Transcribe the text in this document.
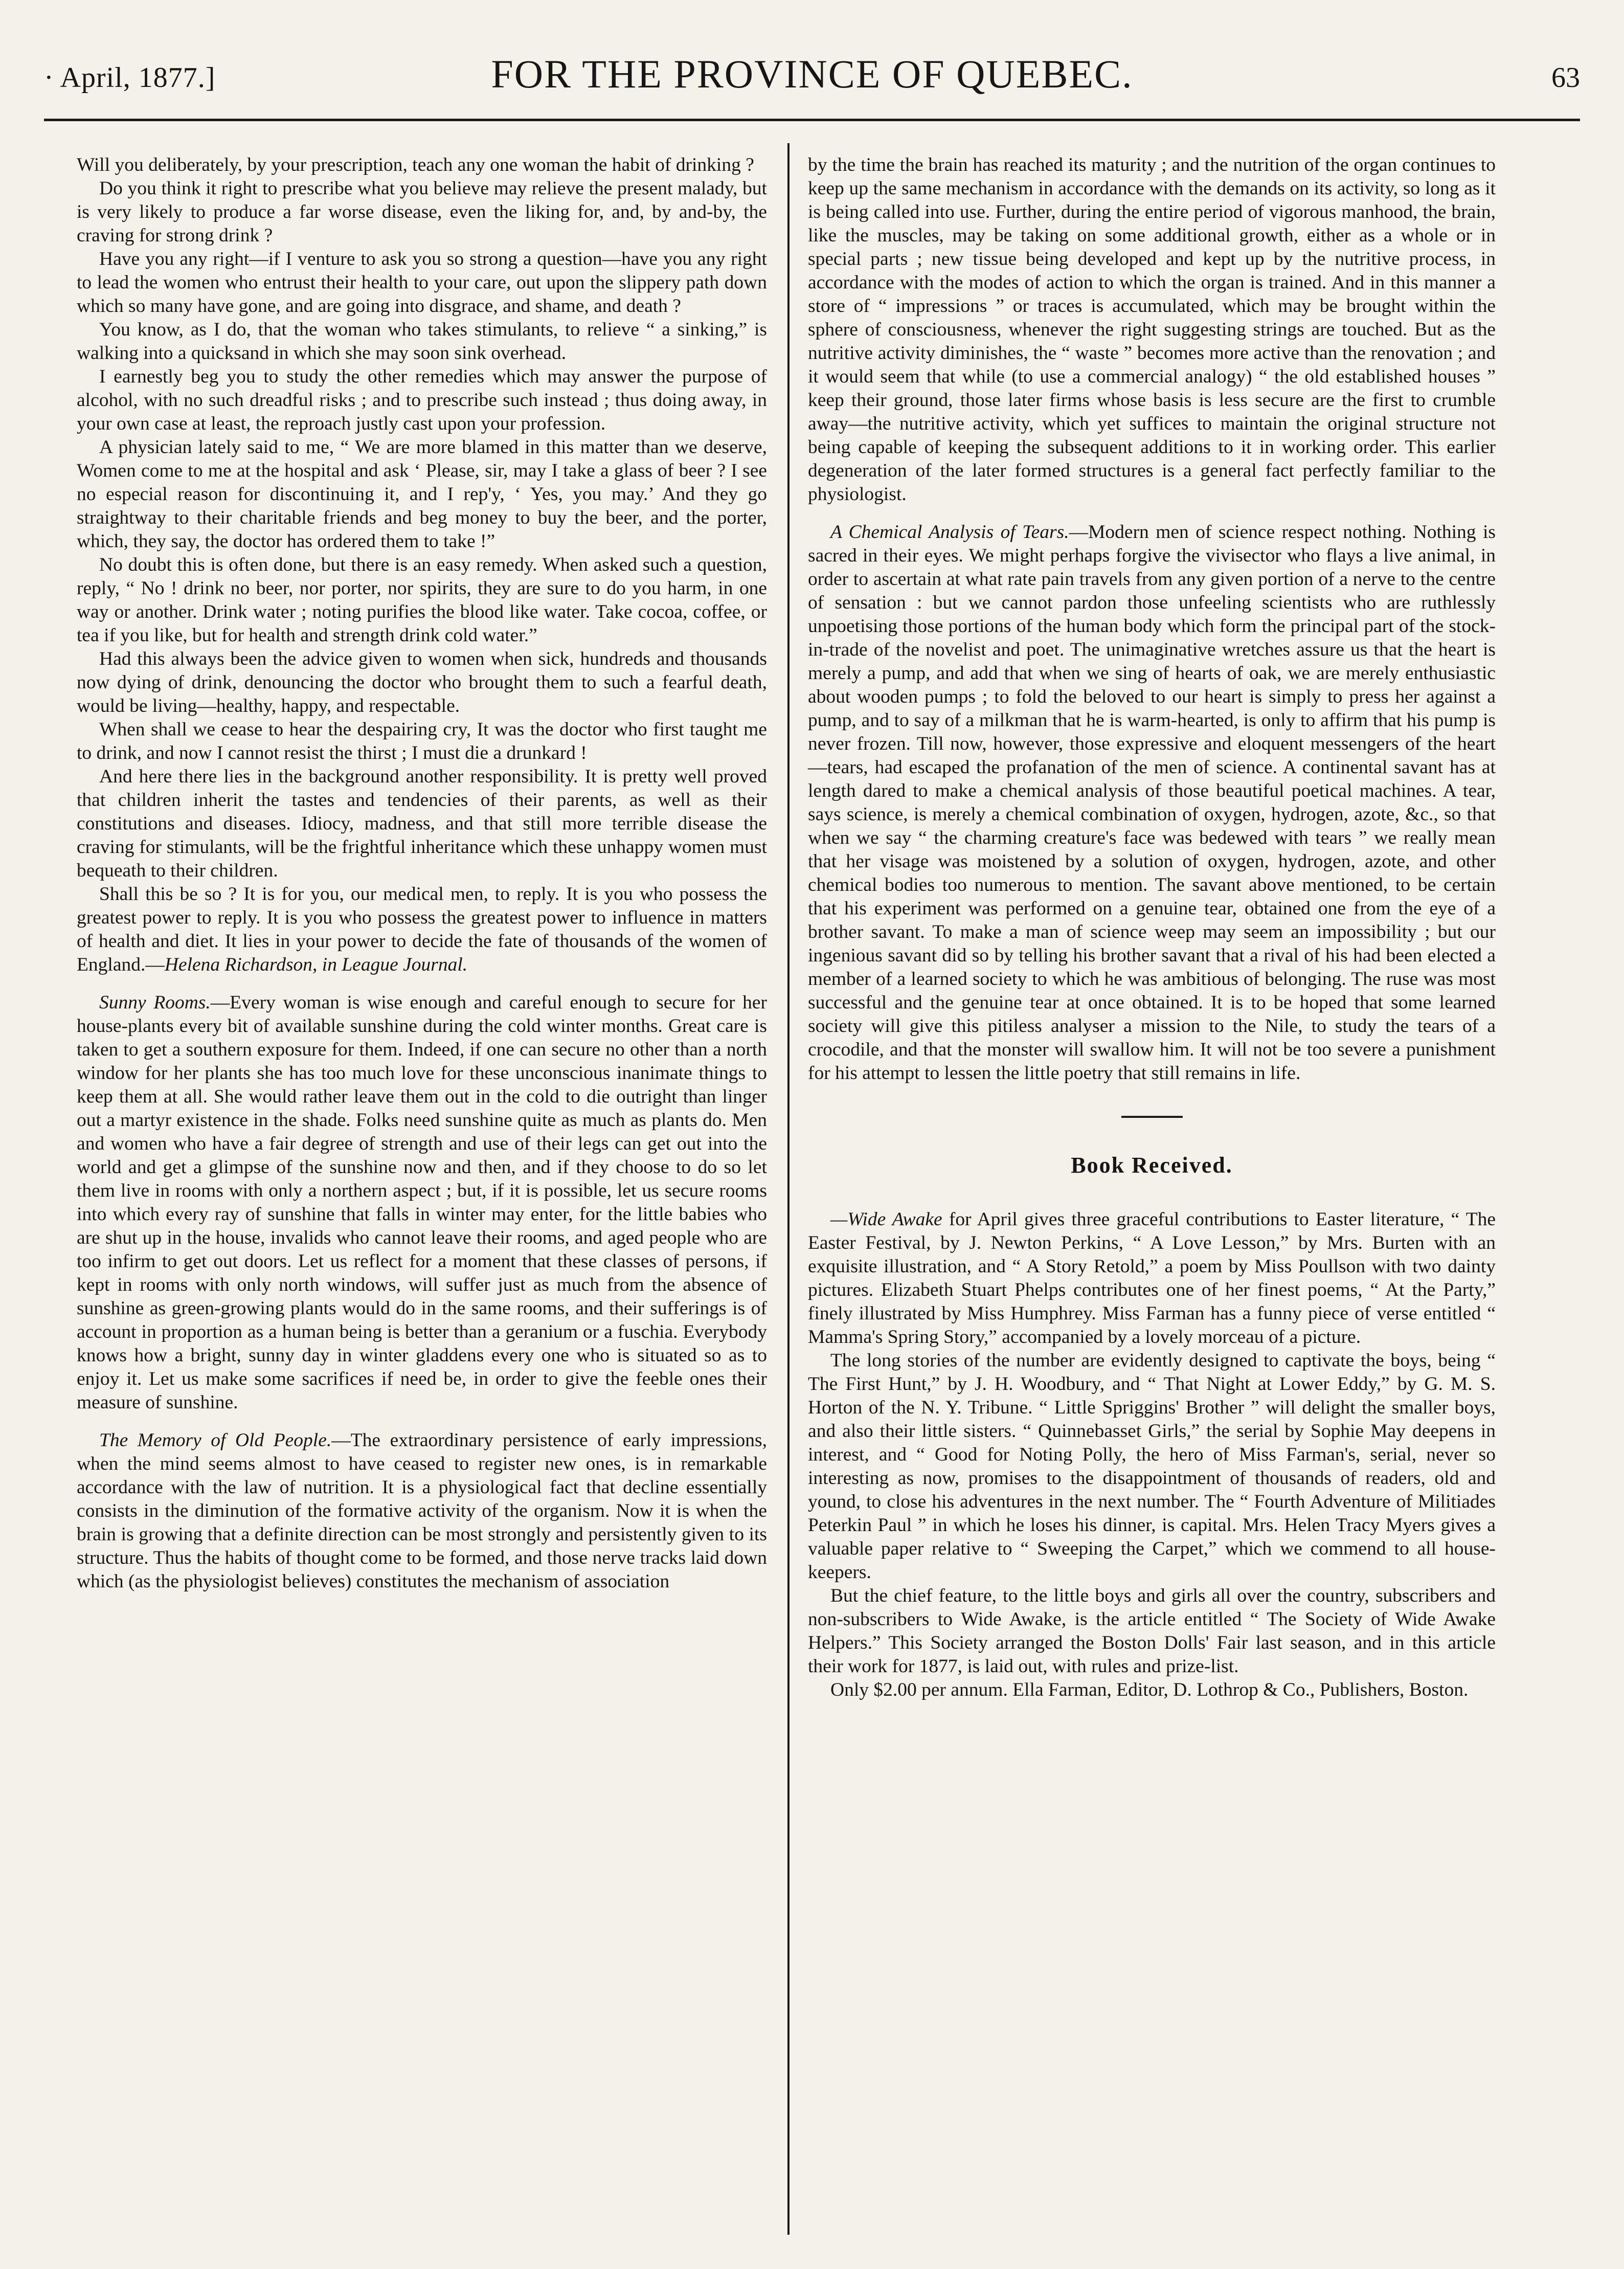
· April, 1877.]	FOR THE PROVINCE OF QUEBEC.	63

Will you deliberately, by your prescription, teach any one woman the habit of drinking ?

Do you think it right to prescribe what you believe may relieve the present malady, but is very likely to produce a far worse disease, even the liking for, and, by and-by, the craving for strong drink ?

Have you any right—if I venture to ask you so strong a question—have you any right to lead the women who entrust their health to your care, out upon the slippery path down which so many have gone, and are going into disgrace, and shame, and death ?

You know, as I do, that the woman who takes stimulants, to relieve “ a sinking,” is walking into a quicksand in which she may soon sink overhead.

I earnestly beg you to study the other remedies which may answer the purpose of alcohol, with no such dreadful risks ; and to prescribe such instead ; thus doing away, in your own case at least, the reproach justly cast upon your profession.

A physician lately said to me, “ We are more blamed in this matter than we deserve, Women come to me at the hospital and ask ‘ Please, sir, may I take a glass of beer ? I see no especial reason for discontinuing it, and I rep'y, ‘ Yes, you may.’ And they go straightway to their charitable friends and beg money to buy the beer, and the porter, which, they say, the doctor has ordered them to take !”

No doubt this is often done, but there is an easy remedy. When asked such a question, reply, “ No ! drink no beer, nor porter, nor spirits, they are sure to do you harm, in one way or another. Drink water ; noting purifies the blood like water. Take cocoa, coffee, or tea if you like, but for health and strength drink cold water.”

Had this always been the advice given to women when sick, hundreds and thousands now dying of drink, denouncing the doctor who brought them to such a fearful death, would be living—healthy, happy, and respectable.

When shall we cease to hear the despairing cry, It was the doctor who first taught me to drink, and now I cannot resist the thirst ; I must die a drunkard !

And here there lies in the background another responsibility. It is pretty well proved that children inherit the tastes and tendencies of their parents, as well as their constitutions and diseases. Idiocy, madness, and that still more terrible disease the craving for stimulants, will be the frightful inheritance which these unhappy women must bequeath to their children.

Shall this be so ? It is for you, our medical men, to reply. It is you who possess the greatest power to reply. It is you who possess the greatest power to influence in matters of health and diet. It lies in your power to decide the fate of thousands of the women of England.—Helena Richardson, in League Journal.

Sunny Rooms.—Every woman is wise enough and careful enough to secure for her house-plants every bit of available sunshine during the cold winter months. Great care is taken to get a southern exposure for them. Indeed, if one can secure no other than a north window for her plants she has too much love for these unconscious inanimate things to keep them at all. She would rather leave them out in the cold to die outright than linger out a martyr existence in the shade. Folks need sunshine quite as much as plants do. Men and women who have a fair degree of strength and use of their legs can get out into the world and get a glimpse of the sunshine now and then, and if they choose to do so let them live in rooms with only a northern aspect ; but, if it is possible, let us secure rooms into which every ray of sunshine that falls in winter may enter, for the little babies who are shut up in the house, invalids who cannot leave their rooms, and aged people who are too infirm to get out doors. Let us reflect for a moment that these classes of persons, if kept in rooms with only north windows, will suffer just as much from the absence of sunshine as green-growing plants would do in the same rooms, and their sufferings is of account in proportion as a human being is better than a geranium or a fuschia. Everybody knows how a bright, sunny day in winter gladdens every one who is situated so as to enjoy it. Let us make some sacrifices if need be, in order to give the feeble ones their measure of sunshine.

The Memory of Old People.—The extraordinary persistence of early impressions, when the mind seems almost to have ceased to register new ones, is in remarkable accordance with the law of nutrition. It is a physiological fact that decline essentially consists in the diminution of the formative activity of the organism. Now it is when the brain is growing that a definite direction can be most strongly and persistently given to its structure. Thus the habits of thought come to be formed, and those nerve tracks laid down which (as the physiologist believes) constitutes the mechanism of association

by the time the brain has reached its maturity ; and the nutrition of the organ continues to keep up the same mechanism in accordance with the demands on its activity, so long as it is being called into use. Further, during the entire period of vigorous manhood, the brain, like the muscles, may be taking on some additional growth, either as a whole or in special parts ; new tissue being developed and kept up by the nutritive process, in accordance with the modes of action to which the organ is trained. And in this manner a store of “ impressions ” or traces is accumulated, which may be brought within the sphere of consciousness, whenever the right suggesting strings are touched. But as the nutritive activity diminishes, the “ waste ” becomes more active than the renovation ; and it would seem that while (to use a commercial analogy) “ the old established houses ” keep their ground, those later firms whose basis is less secure are the first to crumble away—the nutritive activity, which yet suffices to maintain the original structure not being capable of keeping the subsequent additions to it in working order. This earlier degeneration of the later formed structures is a general fact perfectly familiar to the physiologist.

A Chemical Analysis of Tears.—Modern men of science respect nothing. Nothing is sacred in their eyes. We might perhaps forgive the vivisector who flays a live animal, in order to ascertain at what rate pain travels from any given portion of a nerve to the centre of sensation : but we cannot pardon those unfeeling scientists who are ruthlessly unpoetising those portions of the human body which form the principal part of the stock-in-trade of the novelist and poet. The unimaginative wretches assure us that the heart is merely a pump, and add that when we sing of hearts of oak, we are merely enthusiastic about wooden pumps ; to fold the beloved to our heart is simply to press her against a pump, and to say of a milkman that he is warm-hearted, is only to affirm that his pump is never frozen. Till now, however, those expressive and eloquent messengers of the heart —tears, had escaped the profanation of the men of science. A continental savant has at length dared to make a chemical analysis of those beautiful poetical machines. A tear, says science, is merely a chemical combination of oxygen, hydrogen, azote, &c., so that when we say “ the charming creature's face was bedewed with tears ” we really mean that her visage was moistened by a solution of oxygen, hydrogen, azote, and other chemical bodies too numerous to mention. The savant above mentioned, to be certain that his experiment was performed on a genuine tear, obtained one from the eye of a brother savant. To make a man of science weep may seem an impossibility ; but our ingenious savant did so by telling his brother savant that a rival of his had been elected a member of a learned society to which he was ambitious of belonging. The ruse was most successful and the genuine tear at once obtained. It is to be hoped that some learned society will give this pitiless analyser a mission to the Nile, to study the tears of a crocodile, and that the monster will swallow him. It will not be too severe a punishment for his attempt to lessen the little poetry that still remains in life.

Book Received.

—Wide Awake for April gives three graceful contributions to Easter literature, “ The Easter Festival, by J. Newton Perkins, “ A Love Lesson,” by Mrs. Burten with an exquisite illustration, and “ A Story Retold,” a poem by Miss Poullson with two dainty pictures. Elizabeth Stuart Phelps contributes one of her finest poems, “ At the Party,” finely illustrated by Miss Humphrey. Miss Farman has a funny piece of verse entitled “ Mamma's Spring Story,” accompanied by a lovely morceau of a picture.

The long stories of the number are evidently designed to captivate the boys, being “ The First Hunt,” by J. H. Woodbury, and “ That Night at Lower Eddy,” by G. M. S. Horton of the N. Y. Tribune. “ Little Spriggins' Brother ” will delight the smaller boys, and also their little sisters. “ Quinnebasset Girls,” the serial by Sophie May deepens in interest, and “ Good for Noting Polly, the hero of Miss Farman's, serial, never so interesting as now, promises to the disappointment of thousands of readers, old and yound, to close his adventures in the next number. The “ Fourth Adventure of Militiades Peterkin Paul ” in which he loses his dinner, is capital. Mrs. Helen Tracy Myers gives a valuable paper relative to “ Sweeping the Carpet,” which we commend to all house-keepers.

But the chief feature, to the little boys and girls all over the country, subscribers and non-subscribers to Wide Awake, is the article entitled “ The Society of Wide Awake Helpers.” This Society arranged the Boston Dolls' Fair last season, and in this article their work for 1877, is laid out, with rules and prize-list.

Only $2.00 per annum. Ella Farman, Editor, D. Lothrop & Co., Publishers, Boston.
